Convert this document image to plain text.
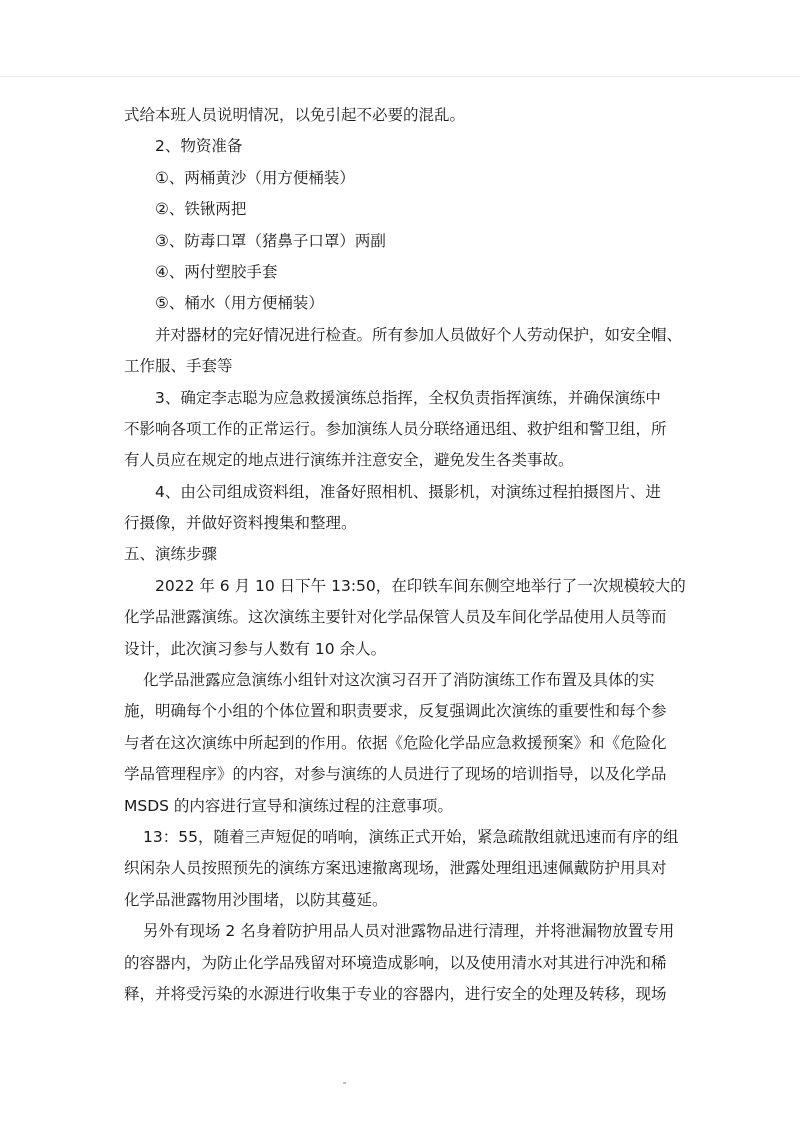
式给本班人员说明情况，以免引起不必要的混乱。
2、物资准备
①、两桶黄沙（用方便桶装）
②、铁锹两把
③、防毒口罩（猪鼻子口罩）两副
④、两付塑胶手套
⑤、桶水（用方便桶装）
并对器材的完好情况进行检查。所有参加人员做好个人劳动保护，如安全帽、
工作服、手套等
3、确定李志聪为应急救援演练总指挥，全权负责指挥演练，并确保演练中
不影响各项工作的正常运行。参加演练人员分联络通迅组、救护组和警卫组，所
有人员应在规定的地点进行演练并注意安全，避免发生各类事故。
4、由公司组成资料组，准备好照相机、摄影机，对演练过程拍摄图片、进
行摄像，并做好资料搜集和整理。
五、演练步骤
2022 年 6 月 10 日下午 13:50，在印铁车间东侧空地举行了一次规模较大的
化学品泄露演练。这次演练主要针对化学品保管人员及车间化学品使用人员等而
设计，此次演习参与人数有 10 余人。
化学品泄露应急演练小组针对这次演习召开了消防演练工作布置及具体的实
施，明确每个小组的个体位置和职责要求，反复强调此次演练的重要性和每个参
与者在这次演练中所起到的作用。依据《危险化学品应急救援预案》和《危险化
学品管理程序》的内容，对参与演练的人员进行了现场的培训指导，以及化学品
MSDS 的内容进行宣导和演练过程的注意事项。
13：55，随着三声短促的哨响，演练正式开始，紧急疏散组就迅速而有序的组
织闲杂人员按照预先的演练方案迅速撤离现场，泄露处理组迅速佩戴防护用具对
化学品泄露物用沙围堵，以防其蔓延。
另外有现场 2 名身着防护用品人员对泄露物品进行清理，并将泄漏物放置专用
的容器内，为防止化学品残留对环境造成影响，以及使用清水对其进行冲洗和稀
释，并将受污染的水源进行收集于专业的容器内，进行安全的处理及转移，现场
